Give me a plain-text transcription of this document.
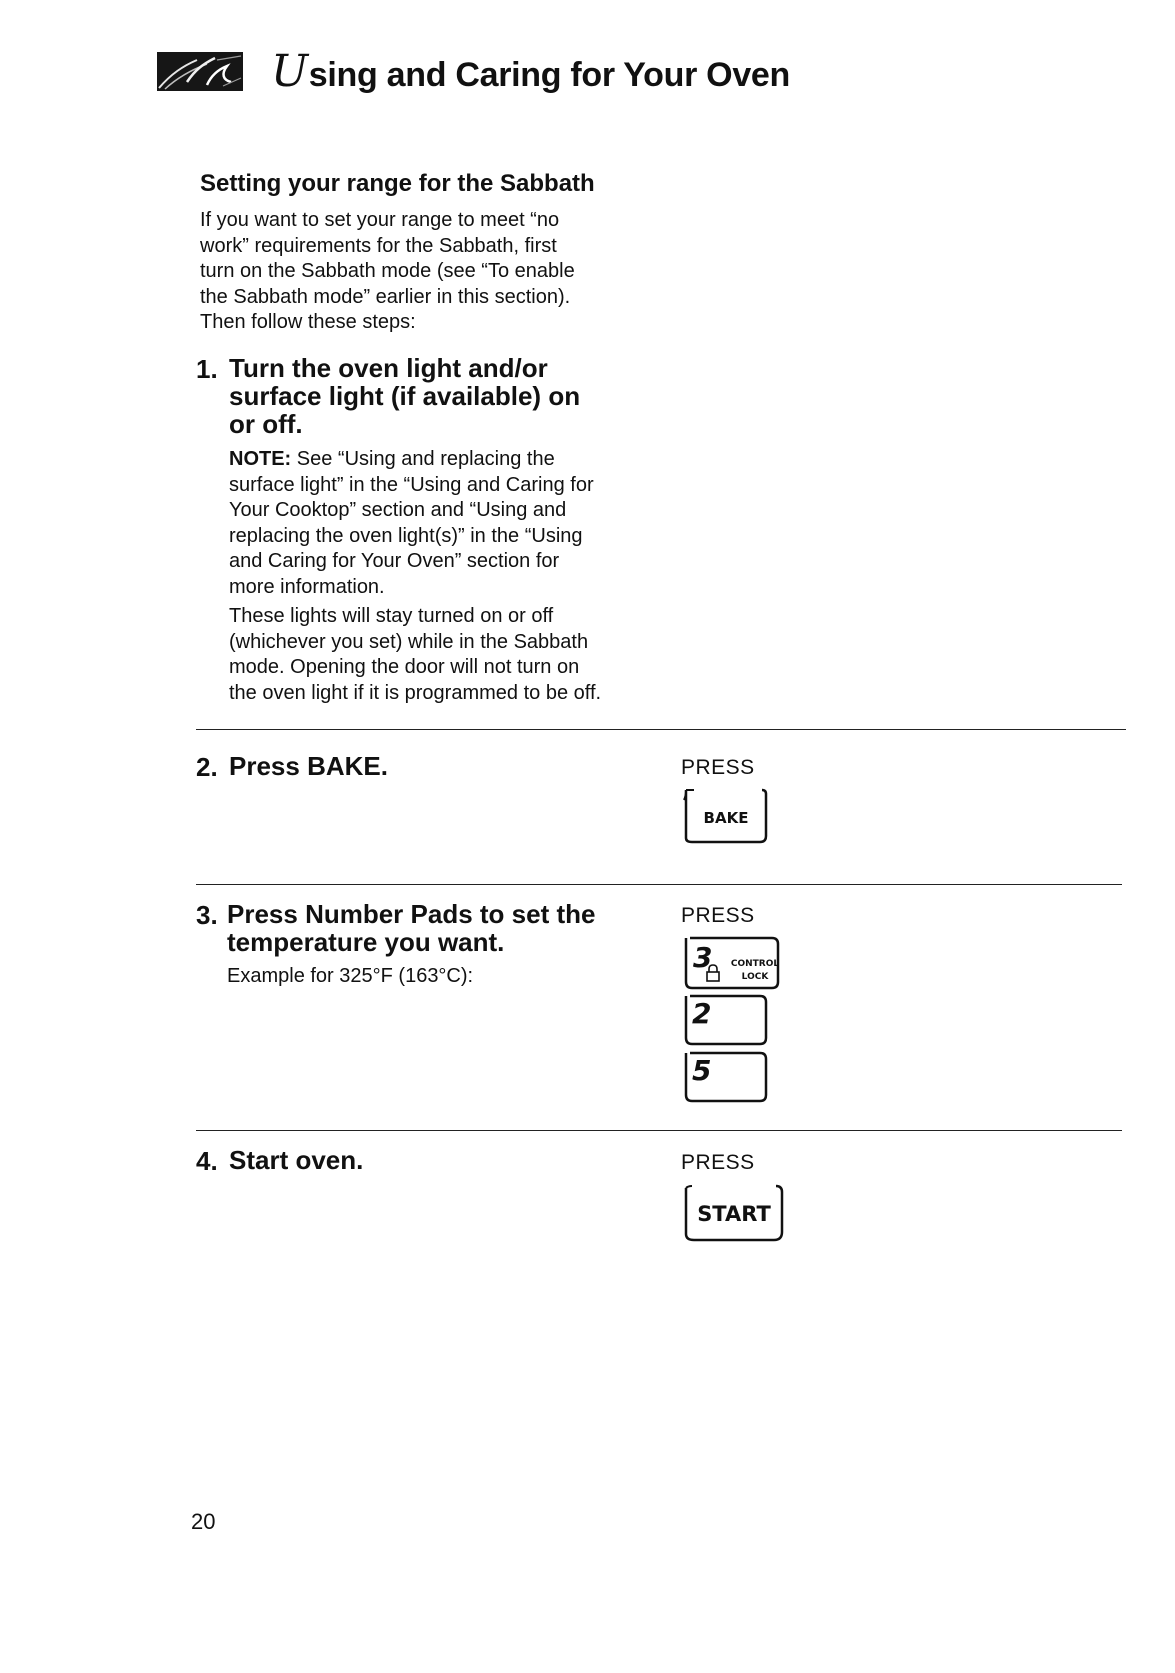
Using and Caring for Your Oven
Setting your range for the Sabbath

If you want to set your range to meet “no

work” requirements for the Sabbath, first

turn on the Sabbath mode (see “To enable

the Sabbath mode” earlier in this section).

Then follow these steps:

1. Turn the oven light and/or
surface light (if available) on
or off.

NOTE: See “Using and replacing the

surface light” in the “Using and Caring for

Your Cooktop” section and “Using and

replacing the oven light(s)” in the “Using

and Caring for Your Oven” section for

more information.

These lights will stay turned on or off

(whichever you set) while in the Sabbath

mode. Opening the door will not turn on

the oven light if it is programmed to be off.

2. Press BAKE.	PRESS
BAKE
3. Press Number Pads to set the
temperature you want.
Example for 325°F (163°C):
PRESS
3 CONTROL
LOCK
2
5
4. Start oven.	PRESS
START
20
